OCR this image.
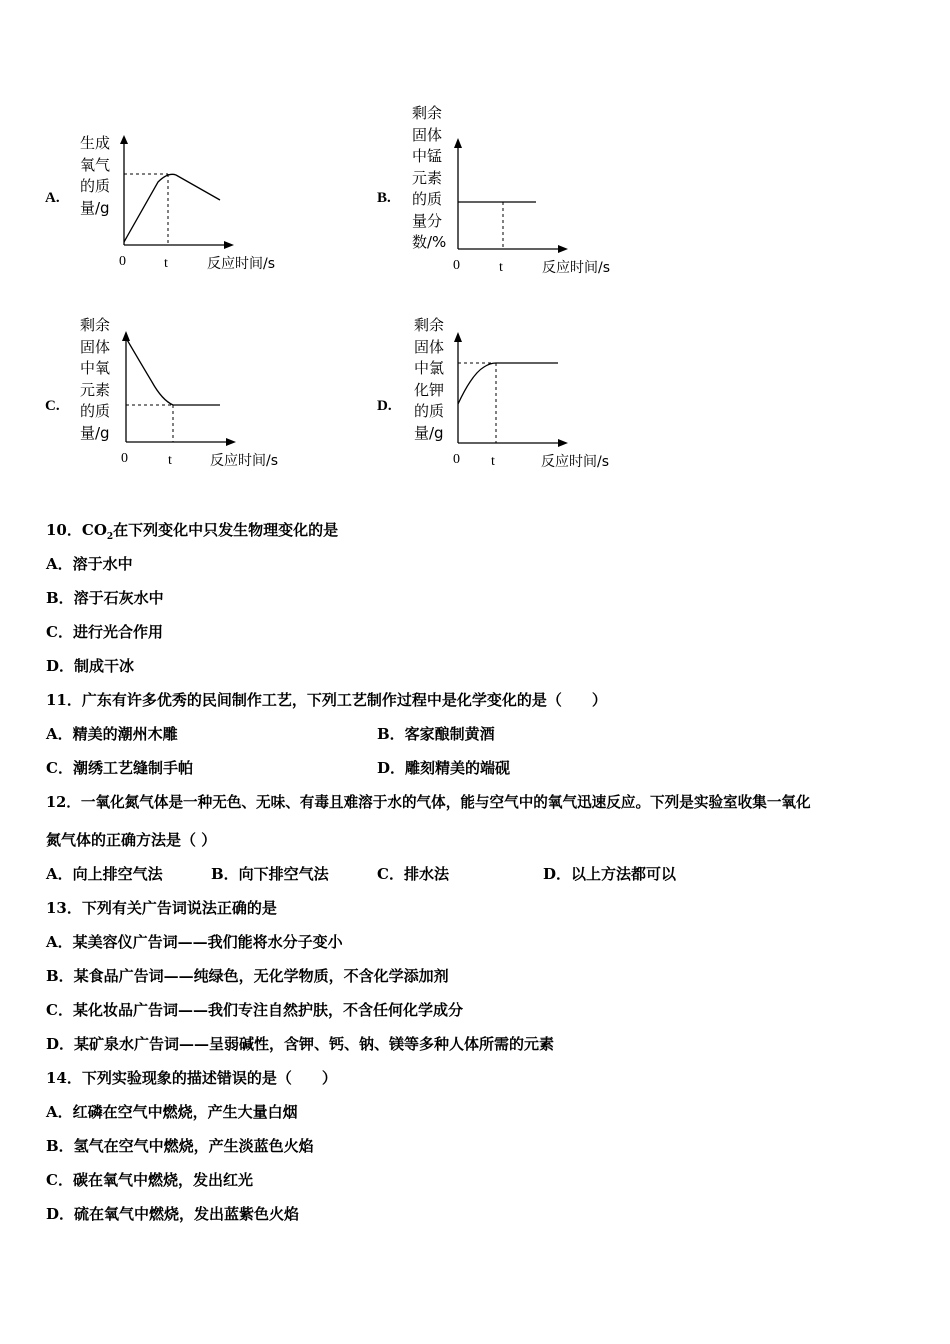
A.
生成
氧气
的质
量/g
0	t	反应时间/s
B.
剩余
固体
中锰
元素
的质
量分
数/%
0	t	反应时间/s
C.
剩余
固体
中氧
元素
的质
量/g
0	t	反应时间/s
D.
剩余
固体
中氯
化钾
的质
量/g
0 t	反应时间/s
10．$CO_2$在下列变化中只发生物理变化的是
A．溶于水中
B．溶于石灰水中
C．进行光合作用
D．制成干冰
11．广东有许多优秀的民间制作工艺，下列工艺制作过程中是化学变化的是（　　）
A．精美的潮州木雕	B．客家酿制黄酒
C．潮绣工艺缝制手帕	D．雕刻精美的端砚
12．一氧化氮气体是一种无色、无味、有毒且难溶于水的气体，能与空气中的氧气迅速反应。下列是实验室收集一氧化
氮气体的正确方法是（ ）
A．向上排空气法	B．向下排空气法	C．排水法	D．以上方法都可以
13．下列有关广告词说法正确的是
A．某美容仪广告词——我们能将水分子变小
B．某食品广告词——纯绿色，无化学物质，不含化学添加剂
C．某化妆品广告词——我们专注自然护肤，不含任何化学成分
D．某矿泉水广告词——呈弱碱性，含钾、钙、钠、镁等多种人体所需的元素
14．下列实验现象的描述错误的是（　　）
A．红磷在空气中燃烧，产生大量白烟
B．氢气在空气中燃烧，产生淡蓝色火焰
C．碳在氧气中燃烧，发出红光
D．硫在氧气中燃烧，发出蓝紫色火焰
